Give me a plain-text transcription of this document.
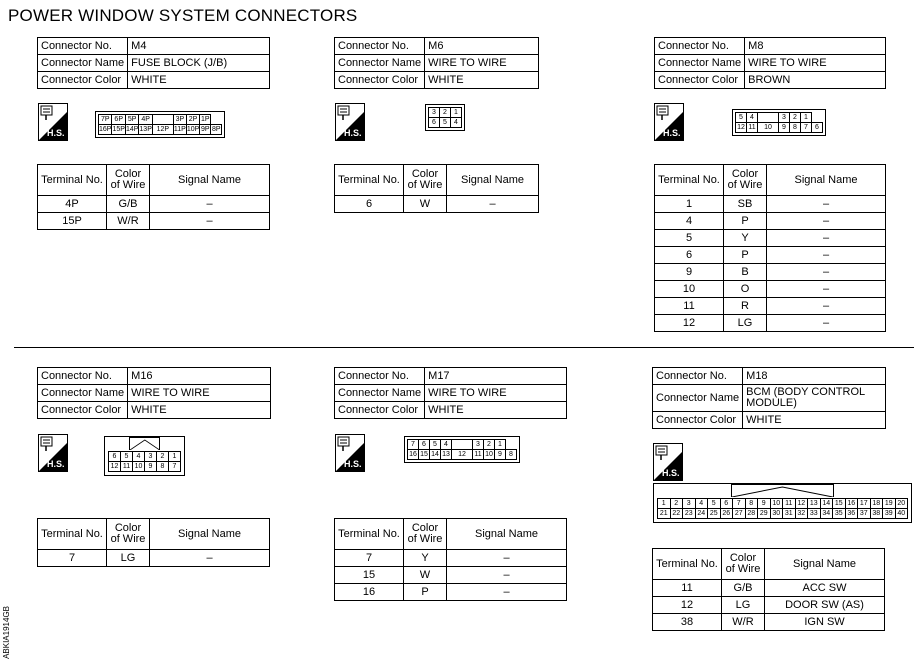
POWER WINDOW SYSTEM CONNECTORS
ABKIA1914GB
Connector No.	M4
Connector Name	FUSE BLOCK (J/B)
Connector Color	WHITE
H.S.
7P	6P	5P	4P		3P	2P	1P	
16P	15P	14P	13P	12P	11P	10P	9P	8P
Terminal No.	Color of Wire	Signal Name
4P	G/B	–
15P	W/R	–
Connector No.	M6
Connector Name	WIRE TO WIRE
Connector Color	WHITE
H.S.
3	2	1
6	5	4
Terminal No.	Color of Wire	Signal Name
6	W	–
Connector No.	M8
Connector Name	WIRE TO WIRE
Connector Color	BROWN
H.S.
5	4		3	2	1	
12	11	10	9	8	7	6
Terminal No.	Color of Wire	Signal Name
1	SB	–
4	P	–
5	Y	–
6	P	–
9	B	–
10	O	–
11	R	–
12	LG	–
Connector No.	M16
Connector Name	WIRE TO WIRE
Connector Color	WHITE
H.S.
6	5	4	3	2	1
12	11	10	9	8	7
Terminal No.	Color of Wire	Signal Name
7	LG	–
Connector No.	M17
Connector Name	WIRE TO WIRE
Connector Color	WHITE
H.S.
7	6	5	4		3	2	1	
16	15	14	13	12	11	10	9	8
Terminal No.	Color of Wire	Signal Name
7	Y	–
15	W	–
16	P	–
Connector No.	M18
Connector Name	BCM (BODY CONTROL MODULE)
Connector Color	WHITE
H.S.
1	2	3	4	5	6	7	8	9	10	11	12	13	14	15	16	17	18	19	20
21	22	23	24	25	26	27	28	29	30	31	32	33	34	35	36	37	38	39	40
Terminal No.	Color of Wire	Signal Name
11	G/B	ACC SW
12	LG	DOOR SW (AS)
38	W/R	IGN SW
